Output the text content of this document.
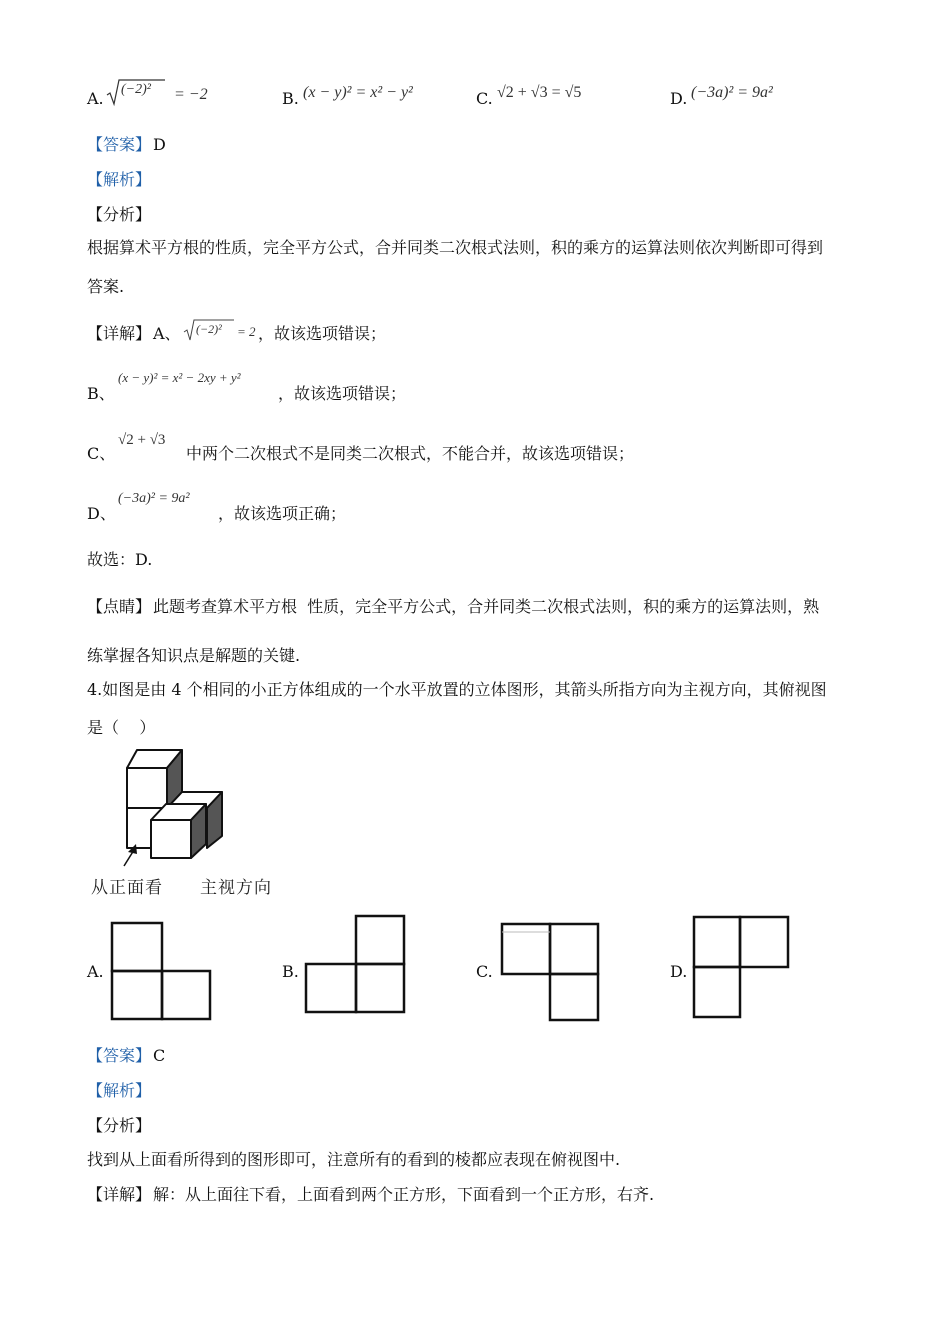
A. (−2)² = −2	B. (x − y)² = x² − y²	C. √2 + √3 = √5	D. (−3a)² = 9a²
【答案】 D
【解析】
【分析】
根据算术平方根的性质，完全平方公式，合并同类二次根式法则，积的乘方的运算法则依次判断即可得到
答案.
【详解】 A、 (−2)² = 2 ，故该选项错误；
B、
(x − y)² = x² − 2xy + y²
，故该选项错误；
C、
√2 + √3
中两个二次根式不是同类二次根式，不能合并，故该选项错误；
D、
(−3a)² = 9a²
，故该选项正确；
故选：D.
【点睛】 此题考查算术平方根  性质，完全平方公式，合并同类二次根式法则，积的乘方的运算法则，熟
练掌握各知识点是解题的关键.
4.如图是由 4 个相同的小正方体组成的一个水平放置的立体图形，其箭头所指方向为主视方向，其俯视图
是（    ）
从正面看 主视方向
A.	B.	C.	D.
【答案】 C
【解析】
【分析】
找到从上面看所得到的图形即可，注意所有的看到的棱都应表现在俯视图中.
【详解】 解：从上面往下看，上面看到两个正方形，下面看到一个正方形，右齐.
